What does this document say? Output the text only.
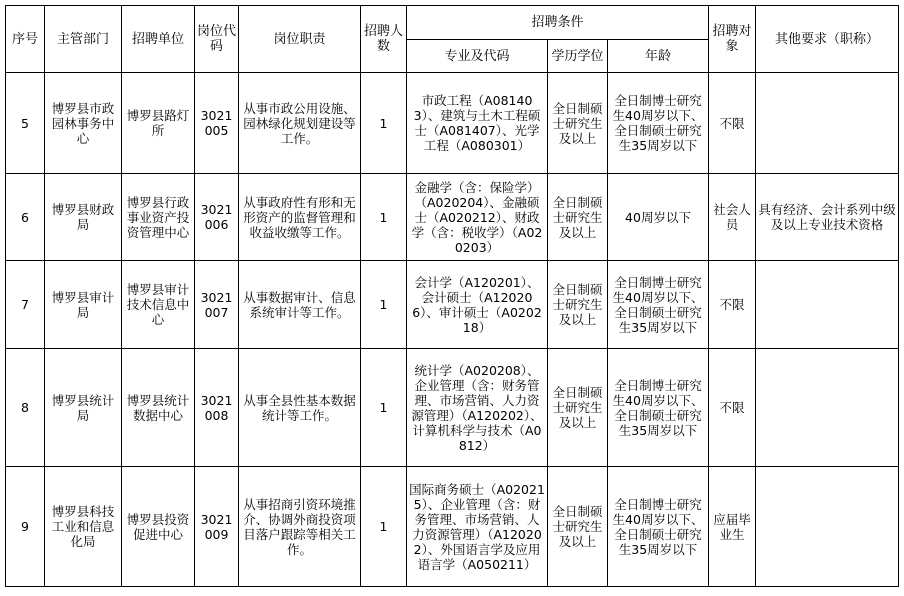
序号	主管部门	招聘单位	岗位代码	岗位职责	招聘人数	招聘条件			招聘对象	其他要求（职称）
						专业及代码	学历学位	年龄		
5	博罗县市政园林事务中心	博罗县路灯所	3021005	从事市政公用设施、园林绿化规划建设等工作。	1	市政工程（A081403）、建筑与土木工程硕士（A081407）、光学工程（A080301）	全日制硕士研究生及以上	全日制博士研究生40周岁以下、全日制硕士研究生35周岁以下	不限	
6	博罗县财政局	博罗县行政事业资产投资管理中心	3021006	从事政府性有形和无形资产的监督管理和收益收缴等工作。	1	金融学（含：保险学）（A020204）、金融硕士（A020212）、财政学（含：税收学）（A020203）	全日制硕士研究生及以上	40周岁以下	社会人员	具有经济、会计系列中级及以上专业技术资格
7	博罗县审计局	博罗县审计技术信息中心	3021007	从事数据审计、信息系统审计等工作。	1	会计学（A120201）、会计硕士（A120206）、审计硕士（A020218）	全日制硕士研究生及以上	全日制博士研究生40周岁以下、全日制硕士研究生35周岁以下	不限	
8	博罗县统计局	博罗县统计数据中心	3021008	从事全县性基本数据统计等工作。	1	统计学（A020208）、企业管理（含：财务管理、市场营销、人力资源管理）（A120202）、计算机科学与技术（A0812）	全日制硕士研究生及以上	全日制博士研究生40周岁以下、全日制硕士研究生35周岁以下	不限	
9	博罗县科技工业和信息化局	博罗县投资促进中心	3021009	从事招商引资环境推介、协调外商投资项目落户跟踪等相关工作。	1	国际商务硕士（A020215）、企业管理（含：财务管理、市场营销、人力资源管理）（A120202）、外国语言学及应用语言学（A050211）	全日制硕士研究生及以上	全日制博士研究生40周岁以下、全日制硕士研究生35周岁以下	应届毕业生	
